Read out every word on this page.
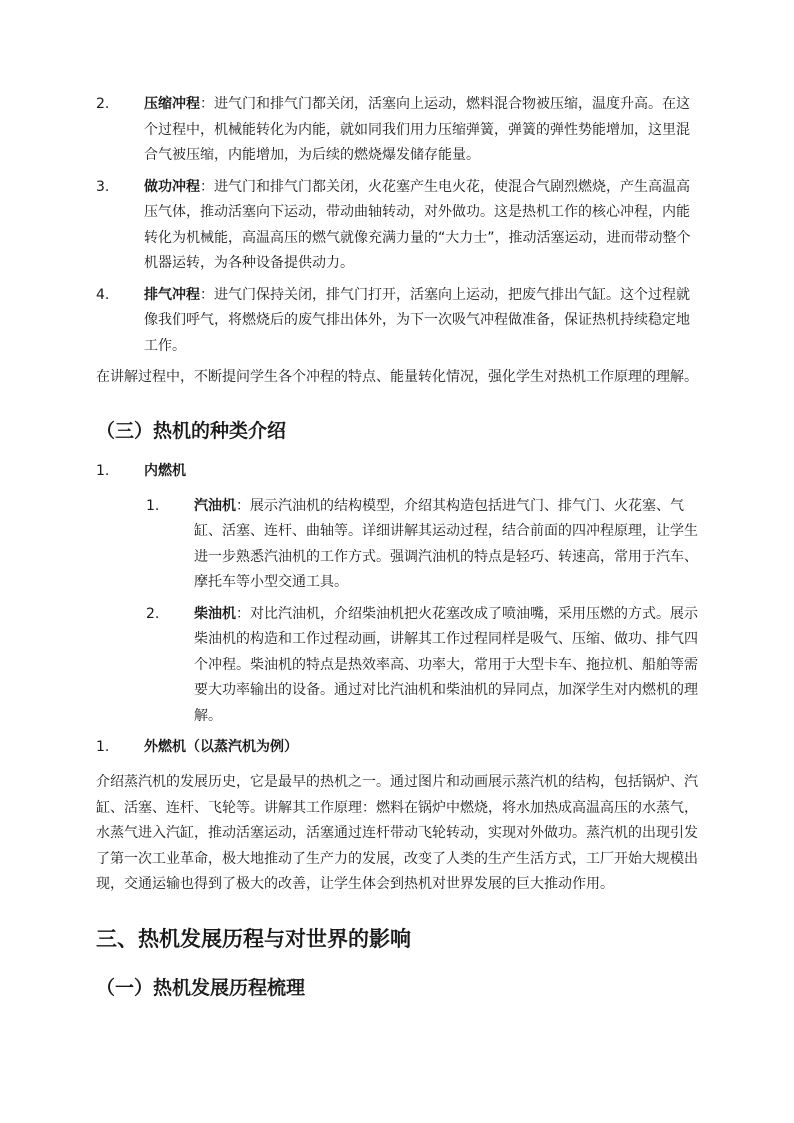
2. 压缩冲程：进气门和排气门都关闭，活塞向上运动，燃料混合物被压缩，温度升高。在这个过程中，机械能转化为内能，就如同我们用力压缩弹簧，弹簧的弹性势能增加，这里混合气被压缩，内能增加，为后续的燃烧爆发储存能量。
3. 做功冲程：进气门和排气门都关闭，火花塞产生电火花，使混合气剧烈燃烧，产生高温高压气体，推动活塞向下运动，带动曲轴转动，对外做功。这是热机工作的核心冲程，内能转化为机械能，高温高压的燃气就像充满力量的“大力士”，推动活塞运动，进而带动整个机器运转，为各种设备提供动力。
4. 排气冲程：进气门保持关闭，排气门打开，活塞向上运动，把废气排出气缸。这个过程就像我们呼气，将燃烧后的废气排出体外，为下一次吸气冲程做准备，保证热机持续稳定地工作。

在讲解过程中，不断提问学生各个冲程的特点、能量转化情况，强化学生对热机工作原理的理解。

（三）热机的种类介绍
1. 内燃机
1. 汽油机：展示汽油机的结构模型，介绍其构造包括进气门、排气门、火花塞、气缸、活塞、连杆、曲轴等。详细讲解其运动过程，结合前面的四冲程原理，让学生进一步熟悉汽油机的工作方式。强调汽油机的特点是轻巧、转速高，常用于汽车、摩托车等小型交通工具。
2. 柴油机：对比汽油机，介绍柴油机把火花塞改成了喷油嘴，采用压燃的方式。展示柴油机的构造和工作过程动画，讲解其工作过程同样是吸气、压缩、做功、排气四个冲程。柴油机的特点是热效率高、功率大，常用于大型卡车、拖拉机、船舶等需要大功率输出的设备。通过对比汽油机和柴油机的异同点，加深学生对内燃机的理解。
1. 外燃机（以蒸汽机为例）

介绍蒸汽机的发展历史，它是最早的热机之一。通过图片和动画展示蒸汽机的结构，包括锅炉、汽缸、活塞、连杆、飞轮等。讲解其工作原理：燃料在锅炉中燃烧，将水加热成高温高压的水蒸气，水蒸气进入汽缸，推动活塞运动，活塞通过连杆带动飞轮转动，实现对外做功。蒸汽机的出现引发了第一次工业革命，极大地推动了生产力的发展，改变了人类的生产生活方式，工厂开始大规模出现，交通运输也得到了极大的改善，让学生体会到热机对世界发展的巨大推动作用。

三、热机发展历程与对世界的影响
（一）热机发展历程梳理
